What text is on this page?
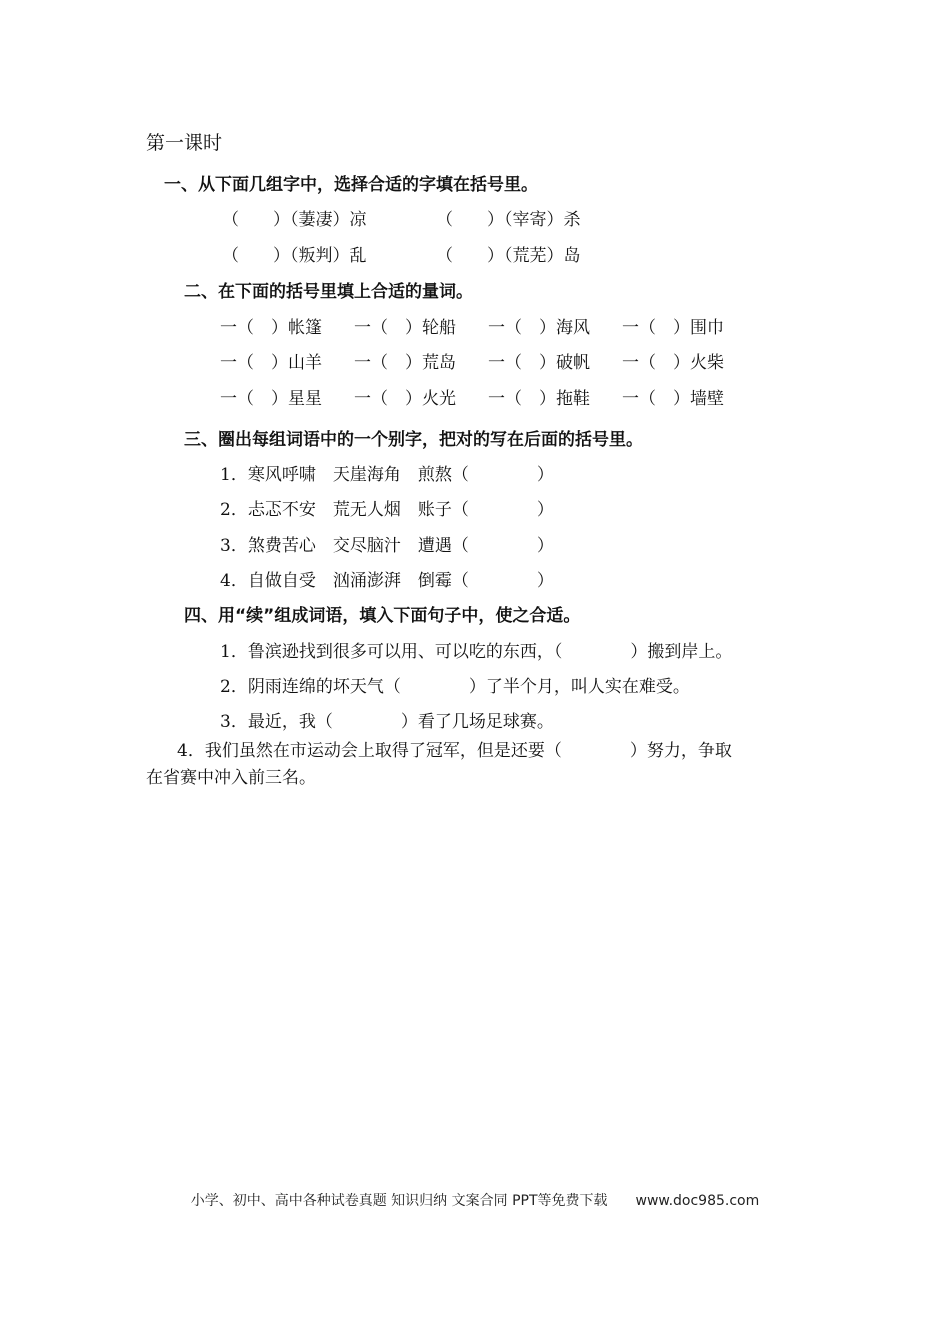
第一课时
一、从下面几组字中，选择合适的字填在括号里。
（　　）（萋凄）凉	（　　）（宰寄）杀
（　　）（叛判）乱	（　　）（荒芜）岛
二、在下面的括号里填上合适的量词。
一（　）帐篷	一（　）轮船	一（　）海风	一（　）围巾
一（　）山羊	一（　）荒岛	一（　）破帆	一（　）火柴
一（　）星星	一（　）火光	一（　）拖鞋	一（　）墙壁
三、圈出每组词语中的一个别字，把对的写在后面的括号里。
1．寒风呼啸　天崖海角　煎熬（　　　　）
2．忐忑不安　荒无人烟　账子（　　　　）
3．煞费苦心　交尽脑汁　遭遇（　　　　）
4．自做自受　汹涌澎湃　倒霉（　　　　）
四、用“续”组成词语，填入下面句子中，使之合适。
1．鲁滨逊找到很多可以用、可以吃的东西，（　　　　）搬到岸上。
2．阴雨连绵的坏天气（　　　　）了半个月，叫人实在难受。
3．最近，我（　　　　）看了几场足球赛。
4．我们虽然在市运动会上取得了冠军，但是还要（　　　　）努力，争取
在省赛中冲入前三名。
小学、初中、高中各种试卷真题 知识归纳 文案合同 PPT等免费下载　　www.doc985.com
